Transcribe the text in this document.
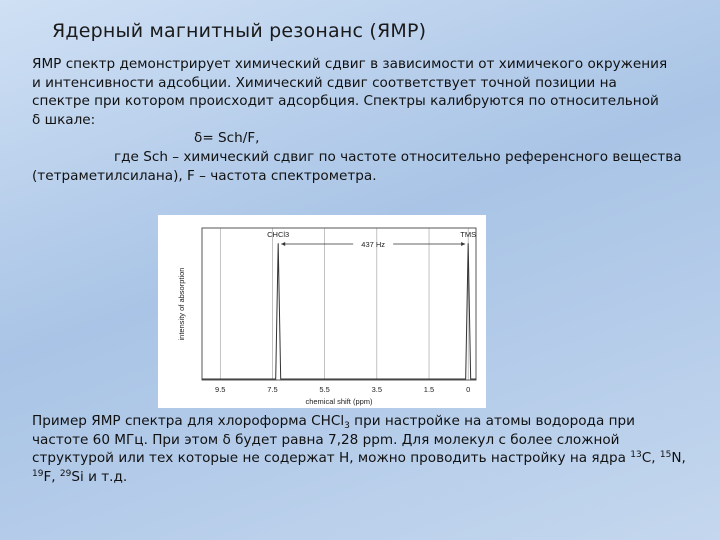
Ядерный магнитный резонанс (ЯМР)
ЯМР спектр демонстрирует химический сдвиг в зависимости от химичекого окружения
и интенсивности адсобции. Химический сдвиг соответствует точной позиции на
спектре при котором происходит адсорбция. Спектры калибруются по относительной
δ шкале:
δ= Sch/F,
где Sch – химический сдвиг по частоте относительно референсного вещества
(тетраметилсилана), F – частота спектрометра.
CHCl3	TMS
437 Hz
9.5	7.5	5.5	3.5	1.5	0
chemical shift (ppm)
intensity of absorption
Пример ЯМР спектра для хлороформа CHCl$_3$ при настройке на атомы водорода при
частоте 60 МГц. При этом δ будет равна 7,28 ppm. Для молекул с более сложной
структурой или тех которые не содержат H, можно проводить настройку на ядра $^{13}$C, $^{15}$N,
$^{19}$F, $^{29}$Si и т.д.
